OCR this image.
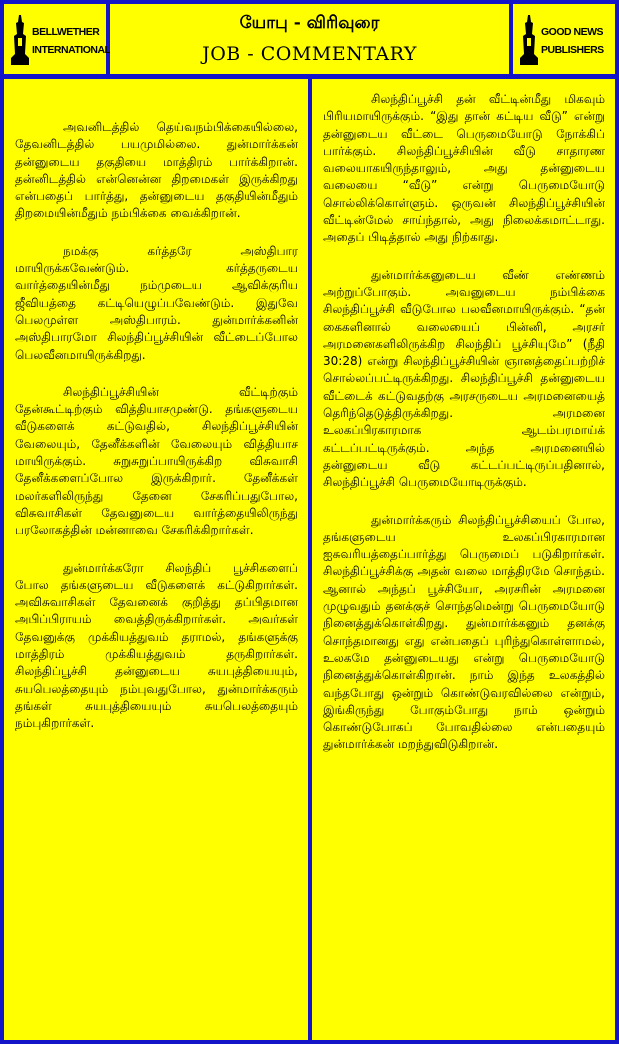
BELLWETHER
INTERNATIONAL
யோபு - விரிவுரை
JOB - COMMENTARY
GOOD NEWS
PUBLISHERS

அவனிடத்தில் தெய்வநம்பிக்கையில்லை, தேவனிடத்தில் பயமுமில்லை. துன்மார்க்கன் தன்னுடைய தகுதியை மாத்திரம் பார்க்கிறான். தன்னிடத்தில் என்னென்ன திறமைகள் இருக்கிறது என்பதைப் பார்த்து, தன்னுடைய தகுதியின்மீதும் திறமையின்மீதும் நம்பிக்கை வைக்கிறான்.

நமக்கு கர்த்தரே அஸ்திபார மாயிருக்கவேண்டும். கர்த்தருடைய வார்த்தையின்மீது நம்முடைய ஆவிக்குரிய ஜீவியத்தை கட்டியெழுப்பவேண்டும். இதுவே பெலமுள்ள அஸ்திபாரம். துன்மார்க்கனின் அஸ்திபாரமோ சிலந்திப்பூச்சியின் வீட்டைப்போல பெலவீனமாயிருக்கிறது.

சிலந்திப்பூச்சியின் வீட்டிற்கும் தேன்கூட்டிற்கும் வித்தியாசமுண்டு. தங்களுடைய வீடுகளைக் கட்டுவதில், சிலந்திப்பூச்சியின் வேலையும், தேனீக்களின் வேலையும் வித்தியாச மாயிருக்கும். சுறுசுறுப்பாயிருக்கிற விசுவாசி தேனீக்களைப்போல இருக்கிறார். தேனீக்கள் மலர்களிலிருந்து தேனை சேகரிப்பதுபோல, விசுவாசிகள் தேவனுடைய வார்த்தையிலிருந்து பரலோகத்தின் மன்னாவை சேகரிக்கிறார்கள்.

துன்மார்க்கரோ சிலந்திப் பூச்சிகளைப் போல தங்களுடைய வீடுகளைக் கட்டுகிறார்கள். அவிசுவாசிகள் தேவனைக் குறித்து தப்பிதமான அபிப்பிராயம் வைத்திருக்கிறார்கள். அவர்கள் தேவனுக்கு முக்கியத்துவம் தராமல், தங்களுக்கு மாத்திரம் முக்கியத்துவம் தருகிறார்கள். சிலந்திப்பூச்சி தன்னுடைய சுயபுத்தியையும், சுயபெலத்தையும் நம்புவதுபோல, துன்மார்க்கரும் தங்கள் சுயபுத்தியையும் சுயபெலத்தையும் நம்புகிறார்கள்.

சிலந்திப்பூச்சி தன் வீட்டின்மீது மிகவும் பிரியமாயிருக்கும். “இது தான் கட்டிய வீடு” என்று தன்னுடைய வீட்டை பெருமையோடு நோக்கிப் பார்க்கும். சிலந்திப்பூச்சியின் வீடு சாதாரண வலையாகயிருந்தாலும், அது தன்னுடைய வலையை “வீடு” என்று பெருமையோடு சொல்லிக்கொள்ளும். ஒருவன் சிலந்திப்பூச்சியின் வீட்டின்மேல் சாய்ந்தால், அது நிலைக்கமாட்டாது. அதைப் பிடித்தால் அது நிற்காது.

துன்மார்க்கனுடைய வீண் எண்ணம் அற்றுப்போகும். அவனுடைய நம்பிக்கை சிலந்திப்பூச்சி வீடுபோல பலவீனமாயிருக்கும். “தன் கைகளினால் வலையைப் பின்னி, அரசர் அரமனைகளிலிருக்கிற சிலந்திப் பூச்சியுமே” (நீதி 30:28) என்று சிலந்திப்பூச்சியின் ஞானத்தைப்பற்றிச் சொல்லப்பட்டிருக்கிறது. சிலந்திப்பூச்சி தன்னுடைய வீட்டைக் கட்டுவதற்கு அரசருடைய அரமனையைத் தெரிந்தெடுத்திருக்கிறது. அரமனை உலகப்பிரகாரமாக ஆடம்பரமாய்க் கட்டப்பட்டிருக்கும். அந்த அரமனையில் தன்னுடைய வீடு கட்டப்பட்டிருப்பதினால், சிலந்திப்பூச்சி பெருமையோடிருக்கும்.

துன்மார்க்கரும் சிலந்திப்பூச்சியைப் போல, தங்களுடைய உலகப்பிரகாரமான ஐசுவரியத்தைப்பார்த்து பெருமைப் படுகிறார்கள். சிலந்திப்பூச்சிக்கு அதன் வலை மாத்திரமே சொந்தம். ஆனால் அந்தப் பூச்சியோ, அரசரின் அரமனை முழுவதும் தனக்குச் சொந்தமென்று பெருமையோடு நினைத்துக்கொள்கிறது. துன்மார்க்கனும் தனக்கு சொந்தமானது எது என்பதைப் புரிந்துகொள்ளாமல், உலகமே தன்னுடையது என்று பெருமையோடு நினைத்துக்கொள்கிறான். நாம் இந்த உலகத்தில் வந்தபோது ஒன்றும் கொண்டுவரவில்லை என்றும், இங்கிருந்து போகும்போது நாம் ஒன்றும் கொண்டுபோகப் போவதில்லை என்பதையும் துன்மார்க்கன் மறந்துவிடுகிறான்.
